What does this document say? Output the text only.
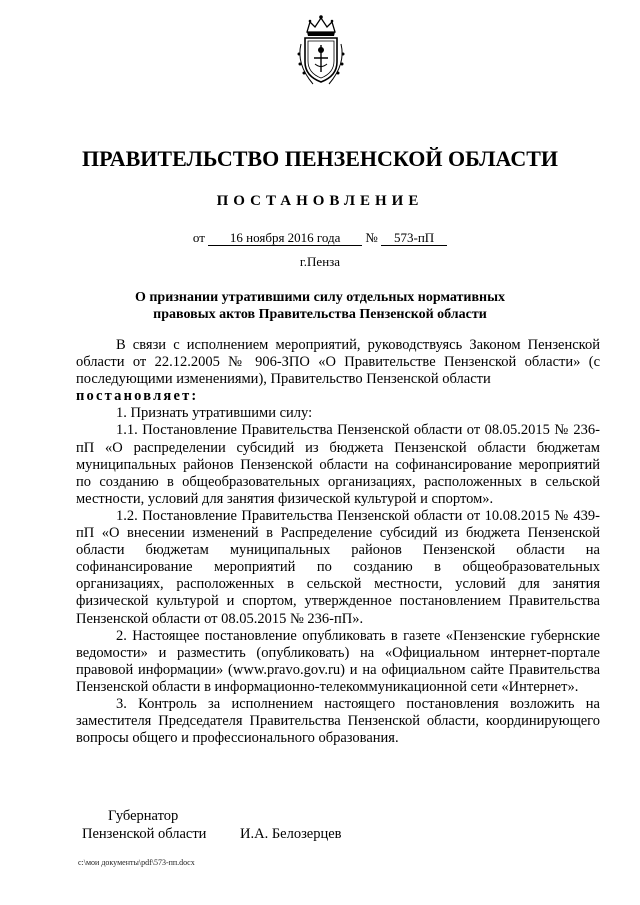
ПРАВИТЕЛЬСТВО ПЕНЗЕНСКОЙ ОБЛАСТИ
ПОСТАНОВЛЕНИЕ
от 16 ноября 2016 года № 573-пП
г.Пенза
О признании утратившими силу отдельных нормативных правовых актов Правительства Пензенской области

В связи с исполнением мероприятий, руководствуясь Законом Пензенской области от 22.12.2005 № 906-ЗПО «О Правительстве Пензенской области» (с последующими изменениями), Правительство Пензенской области

постановляет:

1. Признать утратившими силу:

1.1. Постановление Правительства Пензенской области от 08.05.2015 № 236-пП «О распределении субсидий из бюджета Пензенской области бюджетам муниципальных районов Пензенской области на софинансирование мероприятий по созданию в общеобразовательных организациях, расположенных в сельской местности, условий для занятия физической культурой и спортом».

1.2. Постановление Правительства Пензенской области от 10.08.2015 № 439-пП «О внесении изменений в Распределение субсидий из бюджета Пензенской области бюджетам муниципальных районов Пензенской области на софинансирование мероприятий по созданию в общеобразовательных организациях, расположенных в сельской местности, условий для занятия физической культурой и спортом, утвержденное постановлением Правительства Пензенской области от 08.05.2015 № 236-пП».

2. Настоящее постановление опубликовать в газете «Пензенские губернские ведомости» и разместить (опубликовать) на «Официальном интернет-портале правовой информации» (www.pravo.gov.ru) и на официальном сайте Правительства Пензенской области в информационно-телекоммуникационной сети «Интернет».

3. Контроль за исполнением настоящего постановления возложить на заместителя Председателя Правительства Пензенской области, координирующего вопросы общего и профессионального образования.

Губернатор
Пензенской области И.А. Белозерцев
c:\мои документы\pdf\573-пп.docx
